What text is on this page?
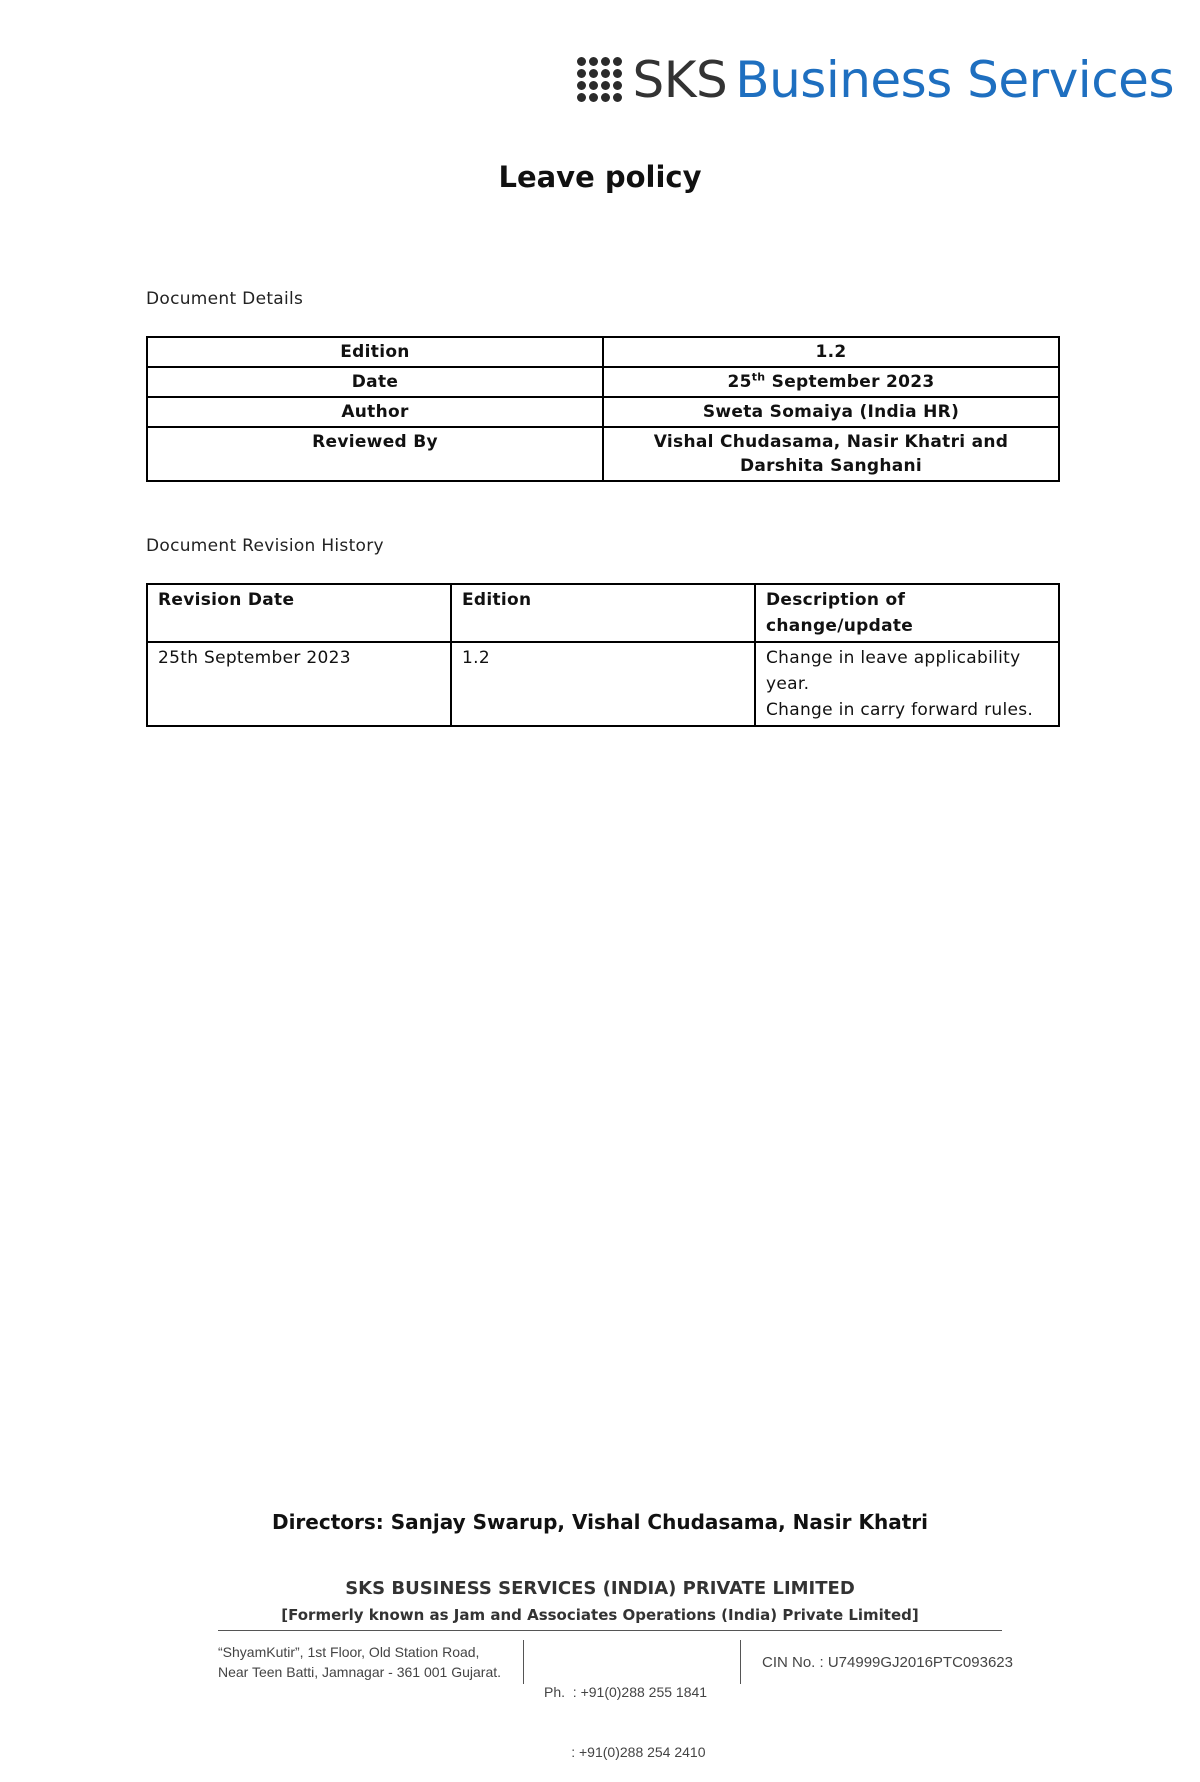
SKS Business Services
Leave policy
Document Details
Edition	1.2
Date	25th September 2023
Author	Sweta Somaiya (India HR)
Reviewed By	Vishal Chudasama, Nasir Khatri and Darshita Sanghani
Document Revision History
Revision Date	Edition	Description of change/update
25th September 2023	1.2	Change in leave applicability year.
Change in carry forward rules.
Directors: Sanjay Swarup, Vishal Chudasama, Nasir Khatri
SKS BUSINESS SERVICES (INDIA) PRIVATE LIMITED
[Formerly known as Jam and Associates Operations (India) Private Limited]
“ShyamKutir”, 1st Floor, Old Station Road,
Near Teen Batti, Jamnagar - 361 001 Gujarat.

Ph.  : +91(0)288 255 1841

: +91(0)288 254 2410

CIN No. : U74999GJ2016PTC093623
